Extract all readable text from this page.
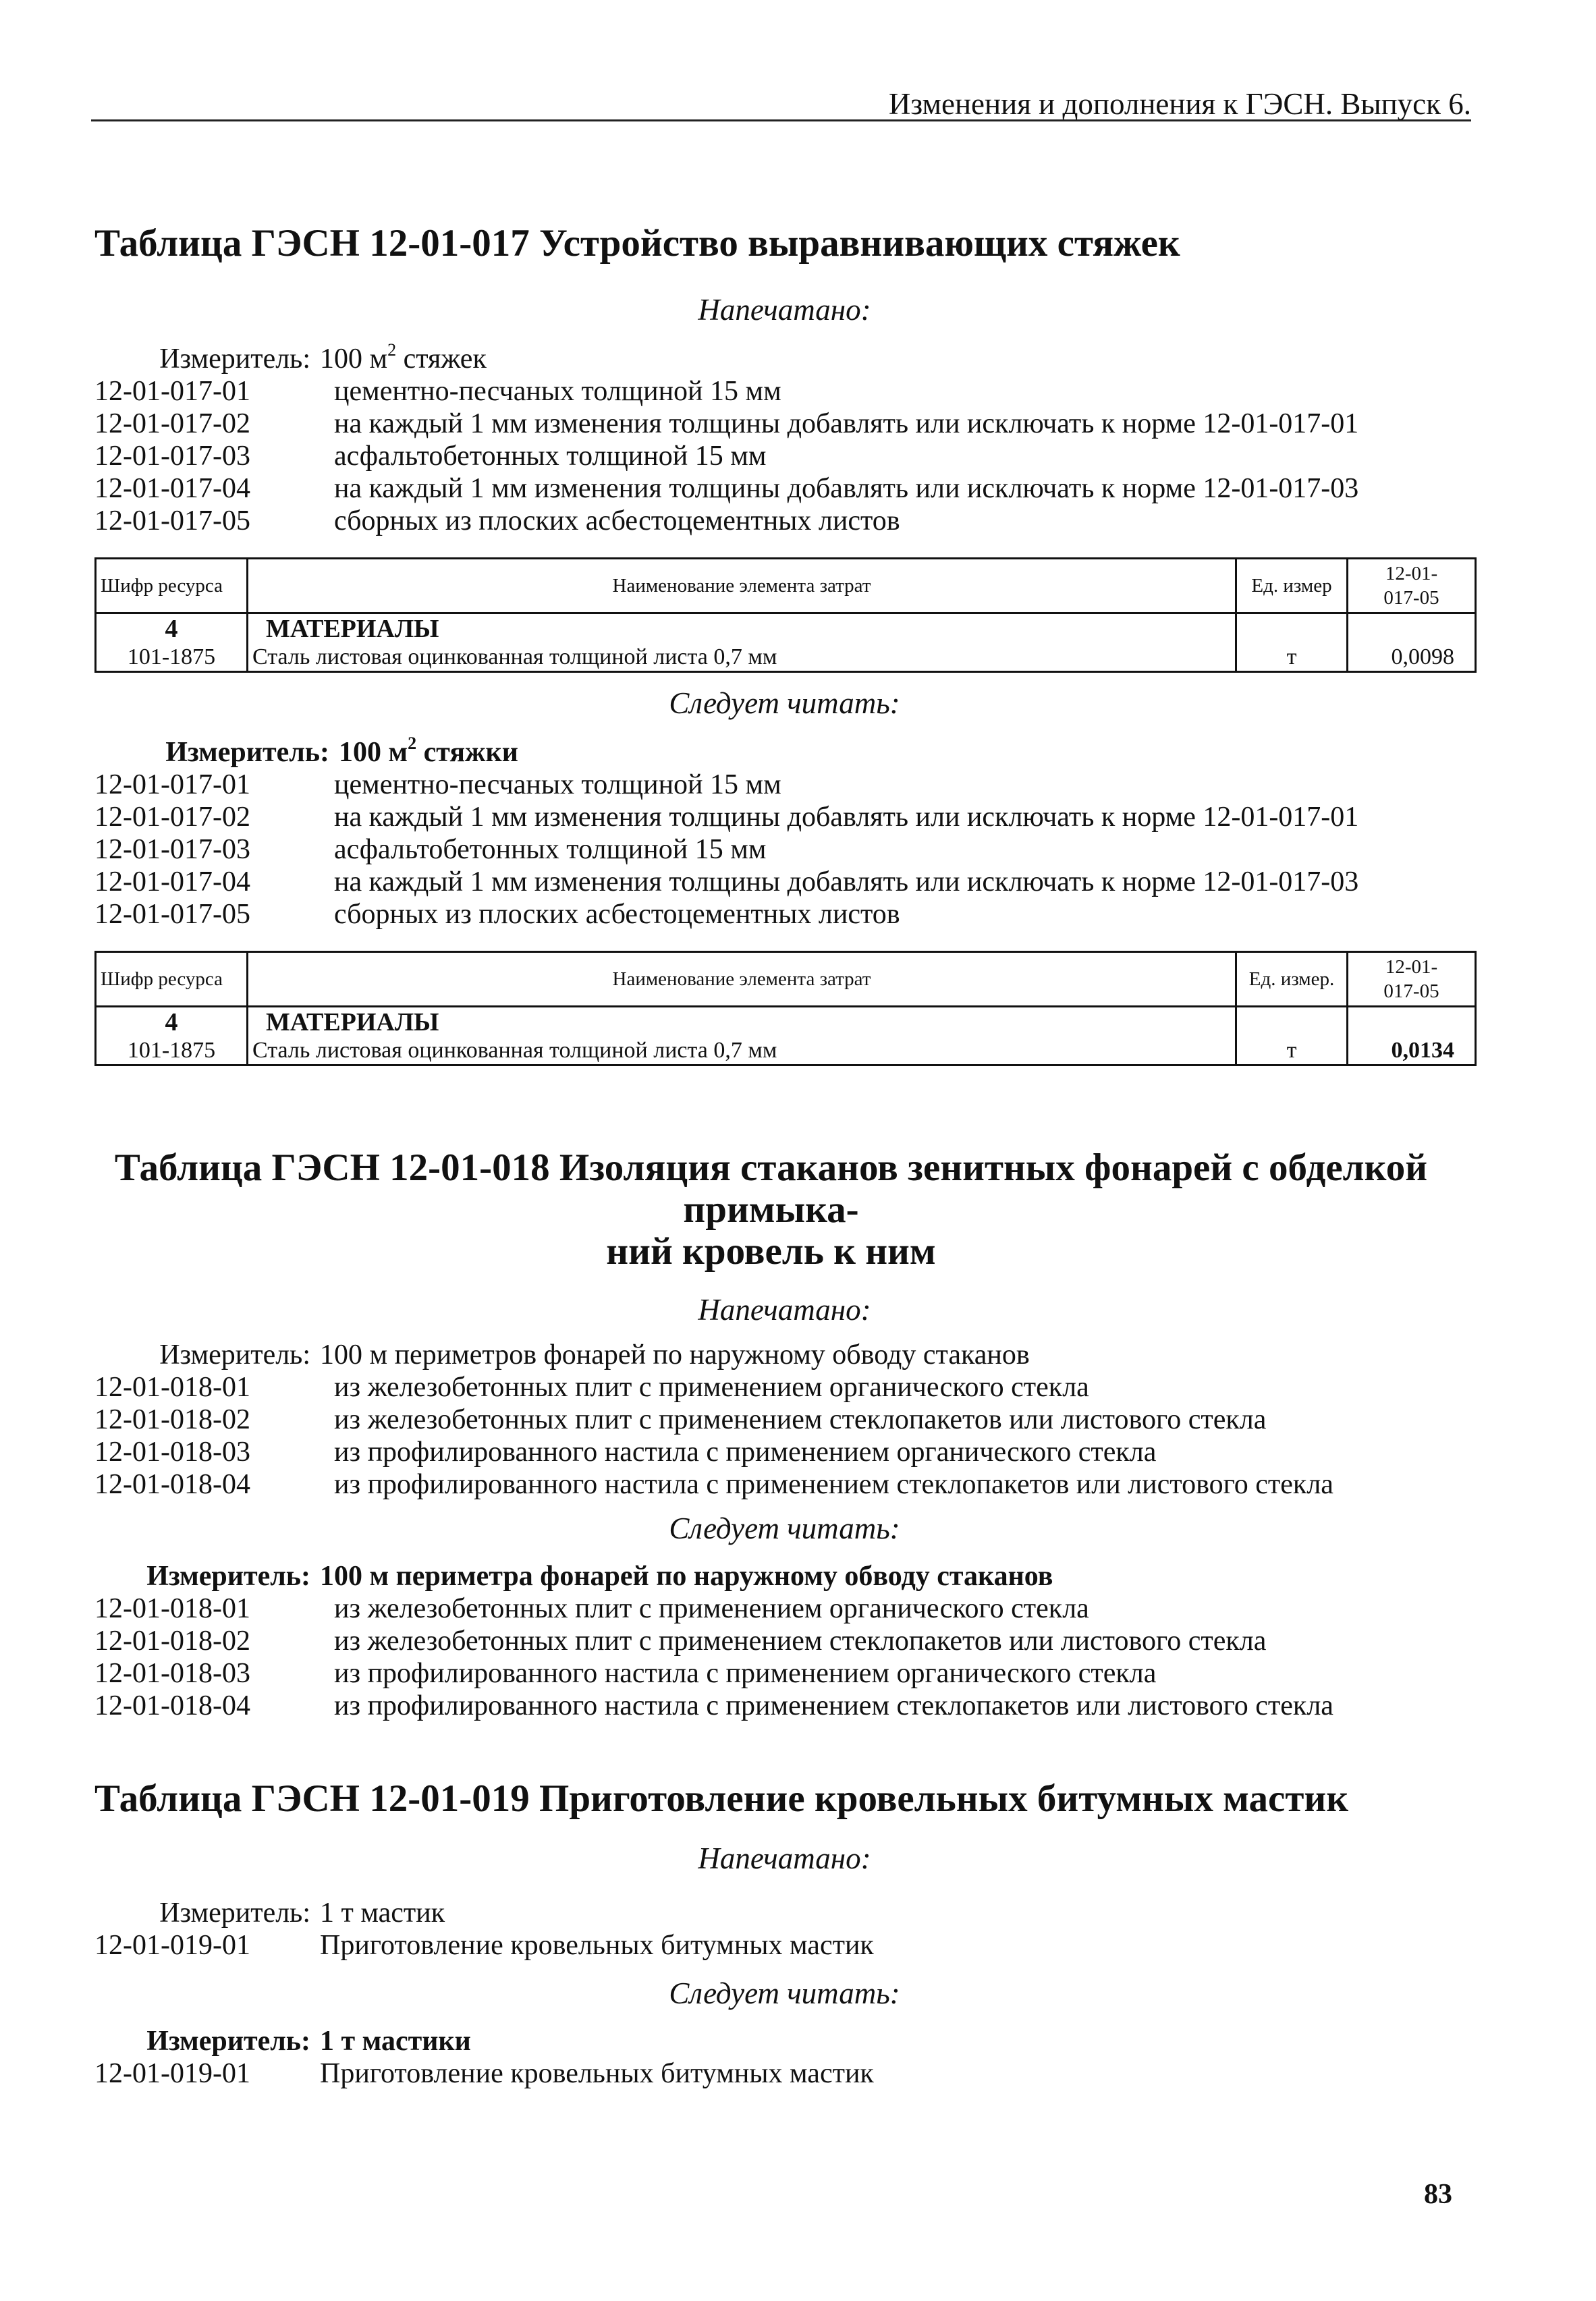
Изменения и дополнения к ГЭСН. Выпуск 6.
Таблица ГЭСН 12-01-017 Устройство выравнивающих стяжек

Напечатано:

Измеритель: 100 $м^2$ стяжек
12-01-017-01	цементно-песчаных толщиной 15 мм
12-01-017-02	на каждый 1 мм изменения толщины добавлять или исключать к норме 12-01-017-01
12-01-017-03	асфальтобетонных толщиной 15 мм
12-01-017-04	на каждый 1 мм изменения толщины добавлять или исключать к норме 12-01-017-03
12-01-017-05	сборных из плоских асбестоцементных листов
Шифр ресурса	Наименование элемента затрат	Ед. измер	12-01-
017-05
4	МАТЕРИАЛЫ		
101-1875	Сталь листовая оцинкованная толщиной листа 0,7 мм	т	0,0098

Следует читать:

Измеритель: 100 $м^2$ стяжки
12-01-017-01	цементно-песчаных толщиной 15 мм
12-01-017-02	на каждый 1 мм изменения толщины добавлять или исключать к норме 12-01-017-01
12-01-017-03	асфальтобетонных толщиной 15 мм
12-01-017-04	на каждый 1 мм изменения толщины добавлять или исключать к норме 12-01-017-03
12-01-017-05	сборных из плоских асбестоцементных листов
Шифр ресурса	Наименование элемента затрат	Ед. измер.	12-01-
017-05
4	МАТЕРИАЛЫ		
101-1875	Сталь листовая оцинкованная толщиной листа 0,7 мм	т	0,0134
Таблица ГЭСН 12-01-018 Изоляция стаканов зенитных фонарей с обделкой примыка-
ний кровель к ним

Напечатано:

Измеритель: 100 м периметров фонарей по наружному обводу стаканов
12-01-018-01	из железобетонных плит с применением органического стекла
12-01-018-02	из железобетонных плит с применением стеклопакетов или листового стекла
12-01-018-03	из профилированного настила с применением органического стекла
12-01-018-04	из профилированного настила с применением стеклопакетов или листового стекла

Следует читать:

Измеритель: 100 м периметра фонарей по наружному обводу стаканов
12-01-018-01	из железобетонных плит с применением органического стекла
12-01-018-02	из железобетонных плит с применением стеклопакетов или листового стекла
12-01-018-03	из профилированного настила с применением органического стекла
12-01-018-04	из профилированного настила с применением стеклопакетов или листового стекла
Таблица ГЭСН 12-01-019 Приготовление кровельных битумных мастик

Напечатано:

Измеритель: 1 т мастик
12-01-019-01 Приготовление кровельных битумных мастик

Следует читать:

Измеритель: 1 т мастики
12-01-019-01 Приготовление кровельных битумных мастик
83
